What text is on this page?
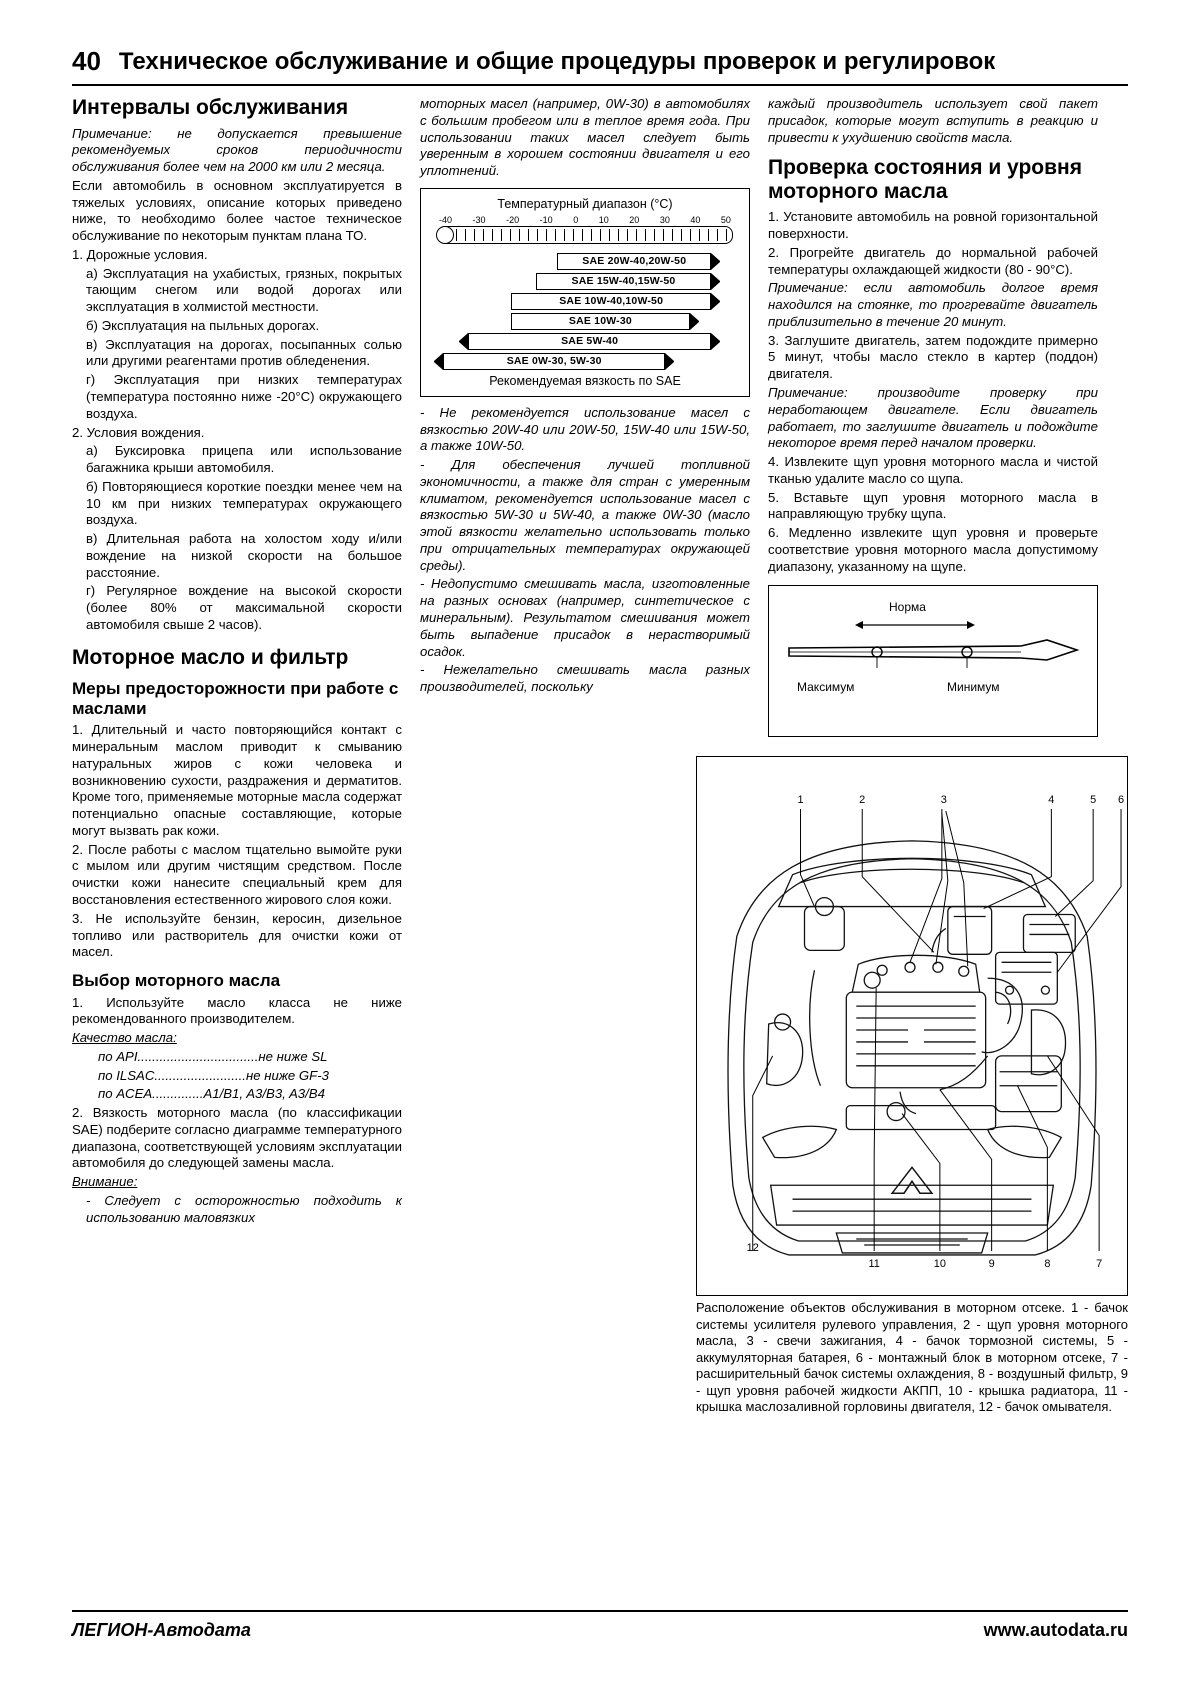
40 Техническое обслуживание и общие процедуры проверок и регулировок
Интервалы обслуживания

Примечание: не допускается превышение рекомендуемых сроков периодичности обслуживания более чем на 2000 км или 2 месяца.

Если автомобиль в основном эксплуатируется в тяжелых условиях, описание которых приведено ниже, то необходимо более частое техническое обслуживание по некоторым пунктам плана ТО.

1. Дорожные условия.

а) Эксплуатация на ухабистых, грязных, покрытых тающим снегом или водой дорогах или эксплуатация в холмистой местности.

б) Эксплуатация на пыльных дорогах.

в) Эксплуатация на дорогах, посыпанных солью или другими реагентами против обледенения.

г) Эксплуатация при низких температурах (температура постоянно ниже -20°C) окружающего воздуха.

2. Условия вождения.

а) Буксировка прицепа или использование багажника крыши автомобиля.

б) Повторяющиеся короткие поездки менее чем на 10 км при низких температурах окружающего воздуха.

в) Длительная работа на холостом ходу и/или вождение на низкой скорости на большое расстояние.

г) Регулярное вождение на высокой скорости (более 80% от максимальной скорости автомобиля свыше 2 часов).

Моторное масло и фильтр
Меры предосторожности при работе с маслами

1. Длительный и часто повторяющийся контакт с минеральным маслом приводит к смыванию натуральных жиров с кожи человека и возникновению сухости, раздражения и дерматитов. Кроме того, применяемые моторные масла содержат потенциально опасные составляющие, которые могут вызвать рак кожи.

2. После работы с маслом тщательно вымойте руки с мылом или другим чистящим средством. После очистки кожи нанесите специальный крем для восстановления естественного жирового слоя кожи.

3. Не используйте бензин, керосин, дизельное топливо или растворитель для очистки кожи от масел.

Выбор моторного масла

1. Используйте масло класса не ниже рекомендованного производителем.

Качество масла:

по API.................................не ниже SL

по ILSAC.........................не ниже GF-3

по ACEA..............A1/B1, A3/B3, A3/B4

2. Вязкость моторного масла (по классификации SAE) подберите согласно диаграмме температурного диапазона, соответствующей условиям эксплуатации автомобиля до следующей замены масла.

Внимание:

- Следует с осторожностью подходить к использованию маловязких

моторных масел (например, 0W-30) в автомобилях с большим пробегом или в теплое время года. При использовании таких масел следует быть уверенным в хорошем состоянии двигателя и его уплотнений.

Температурный диапазон (°C)
-40 -30 -20 -10 0 10 20 30 40 50
SAE 20W-40,20W-50
SAE 15W-40,15W-50
SAE 10W-40,10W-50
SAE 10W-30
SAE 5W-40
SAE 0W-30, 5W-30
Рекомендуемая вязкость по SAE

- Не рекомендуется использование масел с вязкостью 20W-40 или 20W-50, 15W-40 или 15W-50, а также 10W-50.

- Для обеспечения лучшей топливной экономичности, а также для стран с умеренным климатом, рекомендуется использование масел с вязкостью 5W-30 и 5W-40, а также 0W-30 (масло этой вязкости желательно использовать только при отрицательных температурах окружающей среды).

- Недопустимо смешивать масла, изготовленные на разных основах (например, синтетическое с минеральным). Результатом смешивания может быть выпадение присадок в нерастворимый осадок.

- Нежелательно смешивать масла разных производителей, поскольку

каждый производитель использует свой пакет присадок, которые могут вступить в реакцию и привести к ухудшению свойств масла.

Проверка состояния и уровня моторного масла

1. Установите автомобиль на ровной горизонтальной поверхности.

2. Прогрейте двигатель до нормальной рабочей температуры охлаждающей жидкости (80 - 90°C).

Примечание: если автомобиль долгое время находился на стоянке, то прогревайте двигатель приблизительно в течение 20 минут.

3. Заглушите двигатель, затем подождите примерно 5 минут, чтобы масло стекло в картер (поддон) двигателя.

Примечание: производите проверку при неработающем двигателе. Если двигатель работает, то заглушите двигатель и подождите некоторое время перед началом проверки.

4. Извлеките щуп уровня моторного масла и чистой тканью удалите масло со щупа.

5. Вставьте щуп уровня моторного масла в направляющую трубку щупа.

6. Медленно извлеките щуп уровня и проверьте соответствие уровня моторного масла допустимому диапазону, указанному на щупе.

Норма
Максимум	Минимум
1	2	3	4	5 6
7
8
9
10
11
12
Расположение объектов обслуживания в моторном отсеке. 1 - бачок системы усилителя рулевого управления, 2 - щуп уровня моторного масла, 3 - свечи зажигания, 4 - бачок тормозной системы, 5 - аккумуляторная батарея, 6 - монтажный блок в моторном отсеке, 7 - расширительный бачок системы охлаждения, 8 - воздушный фильтр, 9 - щуп уровня рабочей жидкости АКПП, 10 - крышка радиатора, 11 - крышка маслозаливной горловины двигателя, 12 - бачок омывателя.
ЛЕГИОН-Автодата	www.autodata.ru
